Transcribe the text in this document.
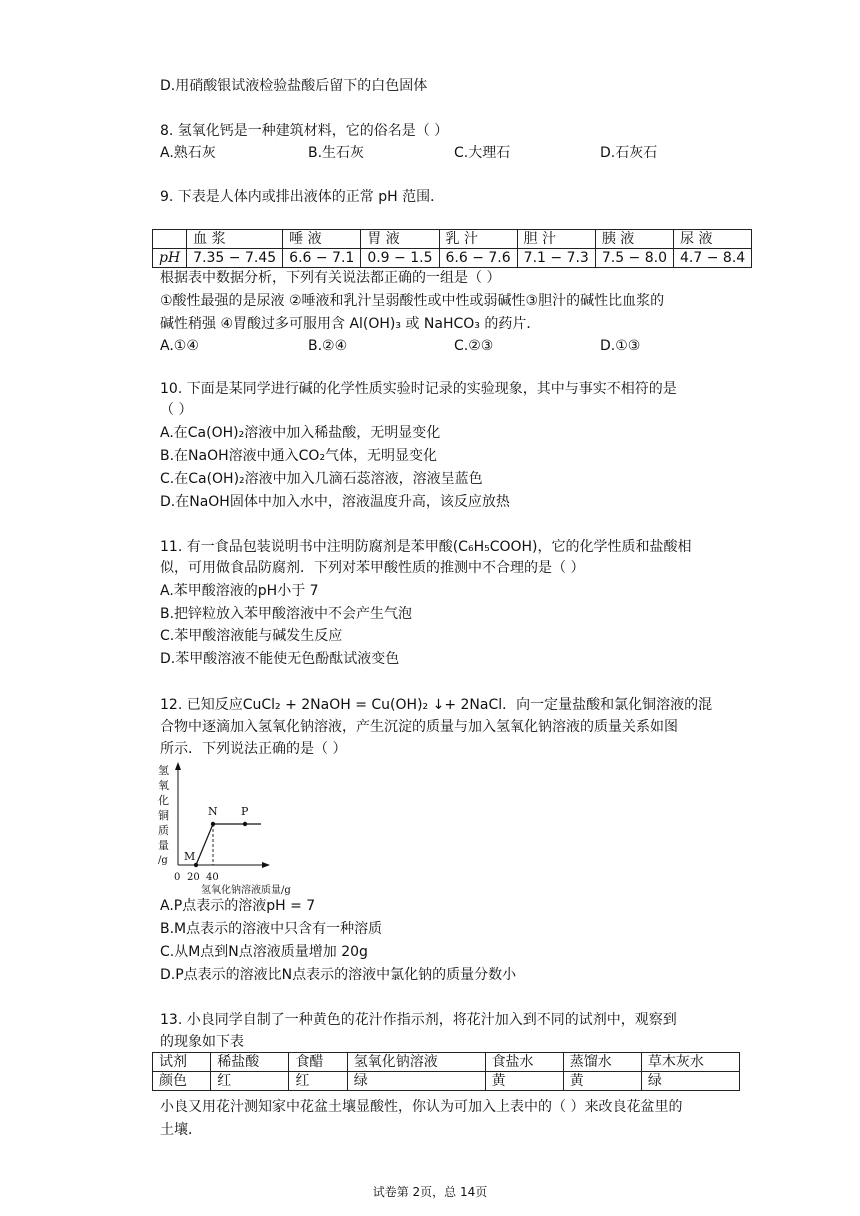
D.用硝酸银试液检验盐酸后留下的白色固体
8. 氢氧化钙是一种建筑材料，它的俗名是（ ）
A.熟石灰	B.生石灰	C.大理石	D.石灰石
9. 下表是人体内或排出液体的正常 pH 范围．
	血 浆	唾 液	胃 液	乳 汁	胆 汁	胰 液	尿 液
pH	7.35 − 7.45	6.6 − 7.1	0.9 − 1.5	6.6 − 7.6	7.1 − 7.3	7.5 − 8.0	4.7 − 8.4
根据表中数据分析，下列有关说法都正确的一组是（ ）
①酸性最强的是尿液 ②唾液和乳汁呈弱酸性或中性或弱碱性③胆汁的碱性比血浆的
碱性稍强 ④胃酸过多可服用含 Al(OH)₃ 或 NaHCO₃ 的药片．
A.①④	B.②④	C.②③	D.①③
10. 下面是某同学进行碱的化学性质实验时记录的实验现象，其中与事实不相符的是
（ ）
A.在Ca(OH)₂溶液中加入稀盐酸，无明显变化
B.在NaOH溶液中通入CO₂气体，无明显变化
C.在Ca(OH)₂溶液中加入几滴石蕊溶液，溶液呈蓝色
D.在NaOH固体中加入水中，溶液温度升高，该反应放热
11. 有一食品包装说明书中注明防腐剂是苯甲酸(C₆H₅COOH)，它的化学性质和盐酸相
似，可用做食品防腐剂．下列对苯甲酸性质的推测中不合理的是（ ）
A.苯甲酸溶液的pH小于 7
B.把锌粒放入苯甲酸溶液中不会产生气泡
C.苯甲酸溶液能与碱发生反应
D.苯甲酸溶液不能使无色酚酞试液变色
12. 已知反应CuCl₂ + 2NaOH = Cu(OH)₂ ↓+ 2NaCl．向一定量盐酸和氯化铜溶液的混
合物中逐滴加入氢氧化钠溶液，产生沉淀的质量与加入氢氧化钠溶液的质量关系如图
所示．下列说法正确的是（ ）
氢
氧
化
铜
质
量
/g M
N P
0 20 40
氢氧化钠溶液质量/g
A.P点表示的溶液pH = 7
B.M点表示的溶液中只含有一种溶质
C.从M点到N点溶液质量增加 20g
D.P点表示的溶液比N点表示的溶液中氯化钠的质量分数小
13. 小良同学自制了一种黄色的花汁作指示剂，将花汁加入到不同的试剂中，观察到
的现象如下表
试剂	稀盐酸	食醋	氢氧化钠溶液	食盐水	蒸馏水	草木灰水
颜色	红	红	绿	黄	黄	绿
小良又用花汁测知家中花盆土壤显酸性，你认为可加入上表中的（ ）来改良花盆里的
土壤．
试卷第 2页，总 14页
